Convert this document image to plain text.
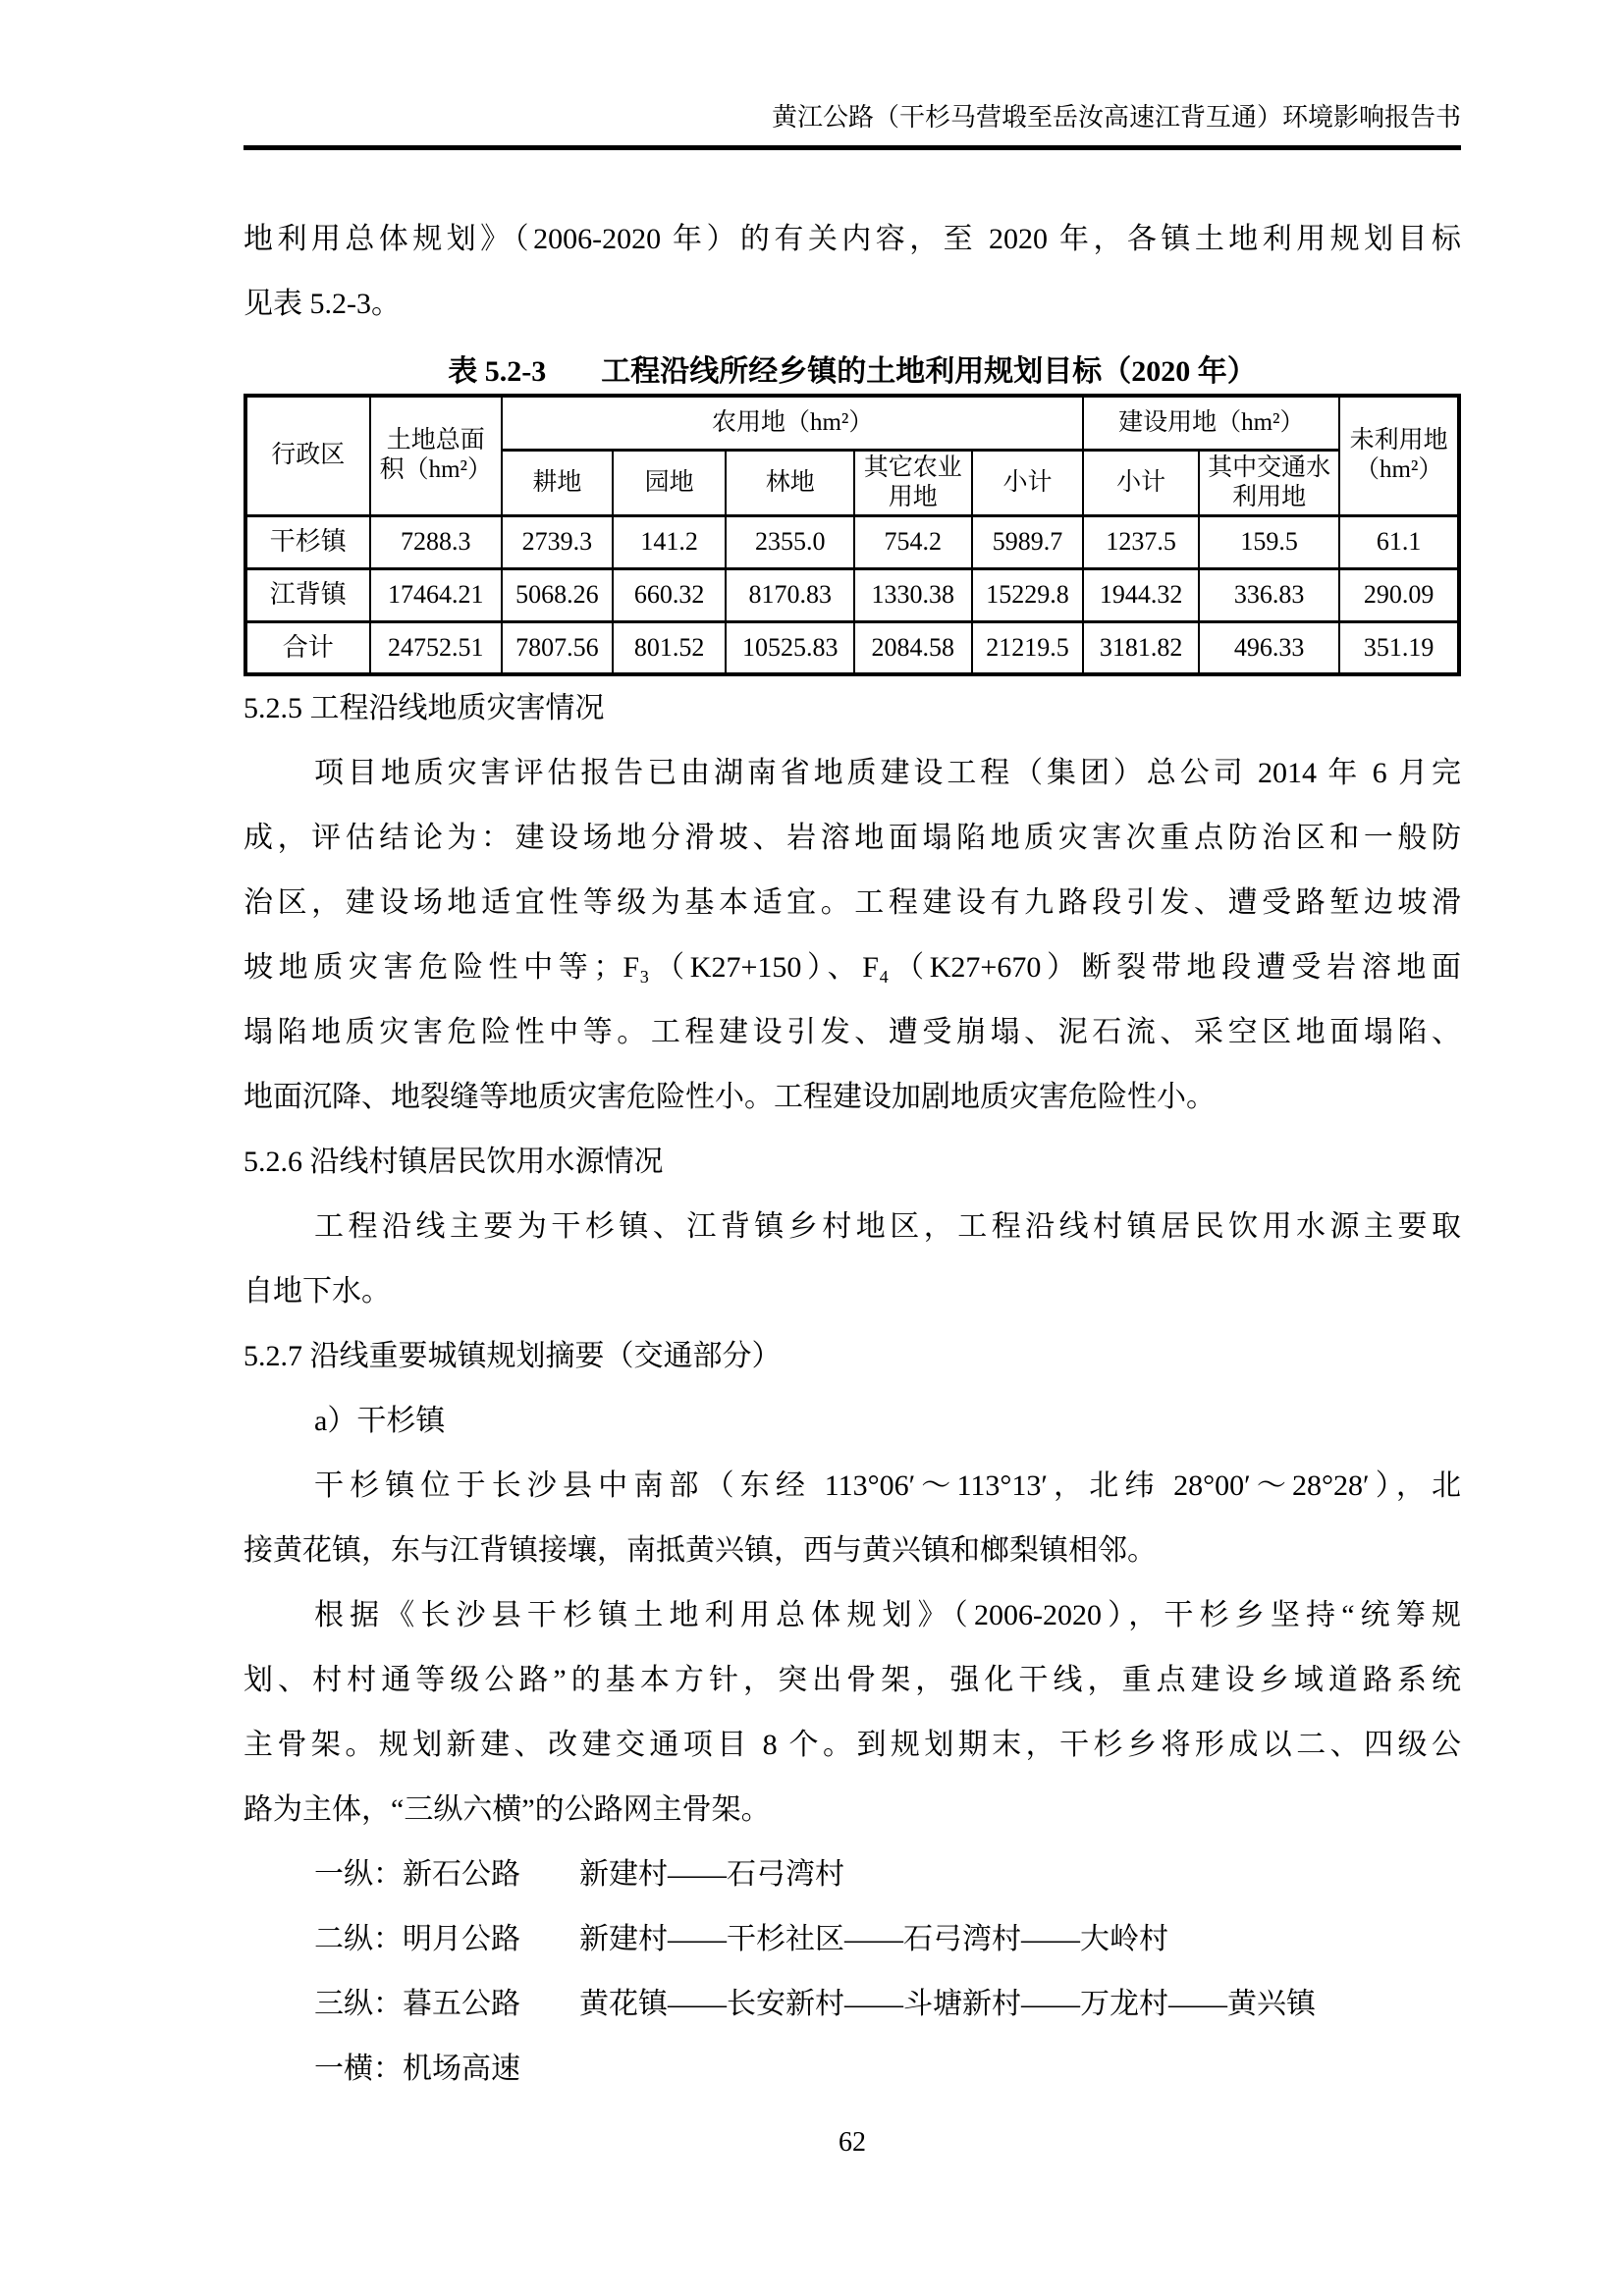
黄江公路（干杉马营塅至岳汝高速江背互通）环境影响报告书
地利用总体规划》（2006-2020 年）的有关内容，至 2020 年，各镇土地利用规划目标
见表 5.2-3。
表 5.2-3 工程沿线所经乡镇的土地利用规划目标（2020 年）
行政区	土地总面积（hm²）	农用地（hm²）					建设用地（hm²）		未利用地（hm²）
		耕地	园地	林地	其它农业用地	小计	小计	其中交通水利用地	
干杉镇	7288.3	2739.3	141.2	2355.0	754.2	5989.7	1237.5	159.5	61.1
江背镇	17464.21	5068.26	660.32	8170.83	1330.38	15229.8	1944.32	336.83	290.09
合计	24752.51	7807.56	801.52	10525.83	2084.58	21219.5	3181.82	496.33	351.19
5.2.5 工程沿线地质灾害情况
项目地质灾害评估报告已由湖南省地质建设工程（集团）总公司 2014 年 6 月完
成，评估结论为：建设场地分滑坡、岩溶地面塌陷地质灾害次重点防治区和一般防
治区，建设场地适宜性等级为基本适宜。工程建设有九路段引发、遭受路堑边坡滑
坡地质灾害危险性中等；F₃（K27+150）、F₄（K27+670）断裂带地段遭受岩溶地面
塌陷地质灾害危险性中等。工程建设引发、遭受崩塌、泥石流、采空区地面塌陷、
地面沉降、地裂缝等地质灾害危险性小。工程建设加剧地质灾害危险性小。
5.2.6 沿线村镇居民饮用水源情况
工程沿线主要为干杉镇、江背镇乡村地区，工程沿线村镇居民饮用水源主要取
自地下水。
5.2.7 沿线重要城镇规划摘要（交通部分）
a）干杉镇
干杉镇位于长沙县中南部（东经 113°06′～113°13′，北纬 28°00′～28°28′），北
接黄花镇，东与江背镇接壤，南抵黄兴镇，西与黄兴镇和榔梨镇相邻。
根据《长沙县干杉镇土地利用总体规划》（2006-2020），干杉乡坚持“统筹规
划、村村通等级公路”的基本方针，突出骨架，强化干线，重点建设乡域道路系统
主骨架。规划新建、改建交通项目 8 个。到规划期末，干杉乡将形成以二、四级公
路为主体，“三纵六横”的公路网主骨架。
一纵：新石公路　　新建村——石弓湾村
二纵：明月公路　　新建村——干杉社区——石弓湾村——大岭村
三纵：暮五公路　　黄花镇——长安新村——斗塘新村——万龙村——黄兴镇
一横：机场高速
62
